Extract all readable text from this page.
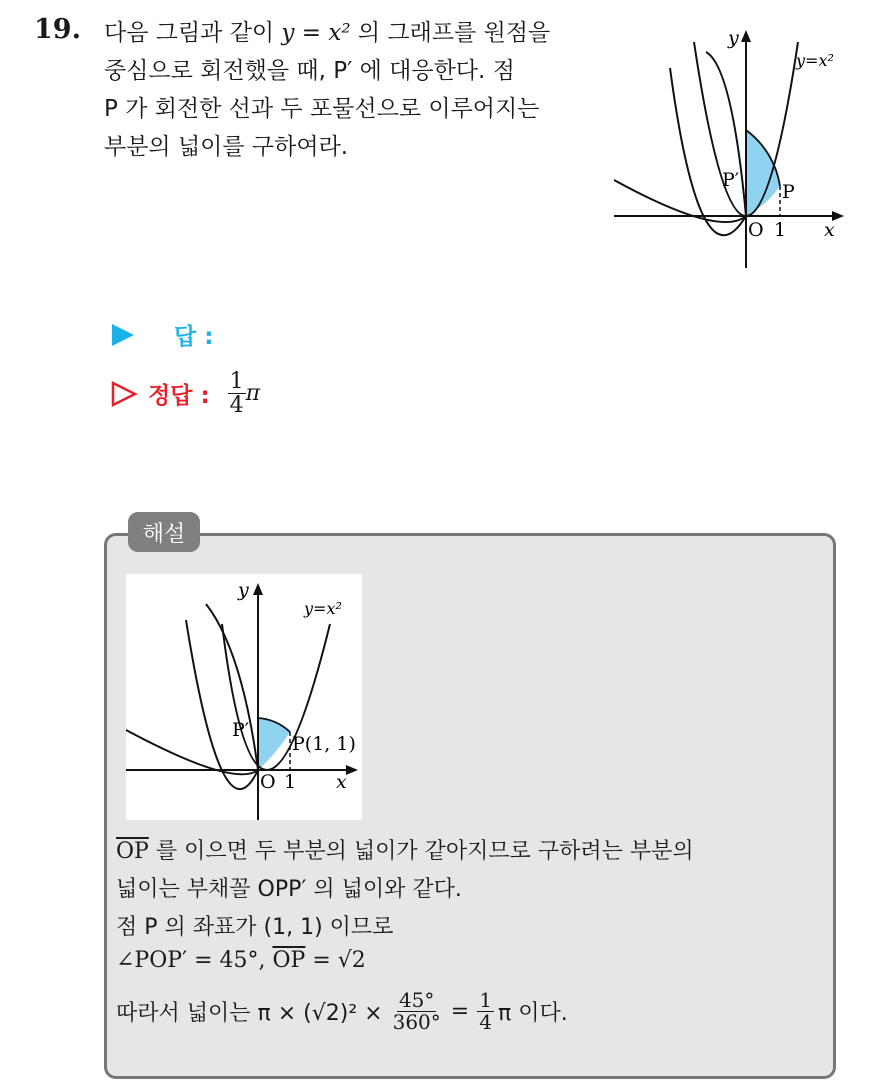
19. 다음 그림과 같이 y = x² 의 그래프를 원점을
중심으로 회전했을 때, P′ 에 대응한다. 점
P 가 회전한 선과 두 포물선으로 이루어지는
부분의 넓이를 구하여라.
y
x
y=x²
O 1
P
P′
답 :
정답 : $\frac{1}{4}$ π
해설
y
x
y=x²
O 1
P(1, 1)
P′
$\overline{OP}$ 를 이으면 두 부분의 넓이가 같아지므로 구하려는 부분의
넓이는 부채꼴 OPP′ 의 넓이와 같다.
점 P 의 좌표가 (1, 1) 이므로
∠POP′ = 45°, $\overline{OP} = √2$
따라서 넓이는 $\pi \times (√2)^2 \times \frac{45^\circ}{360^\circ} = \frac{1}{4}$ π 이다.
